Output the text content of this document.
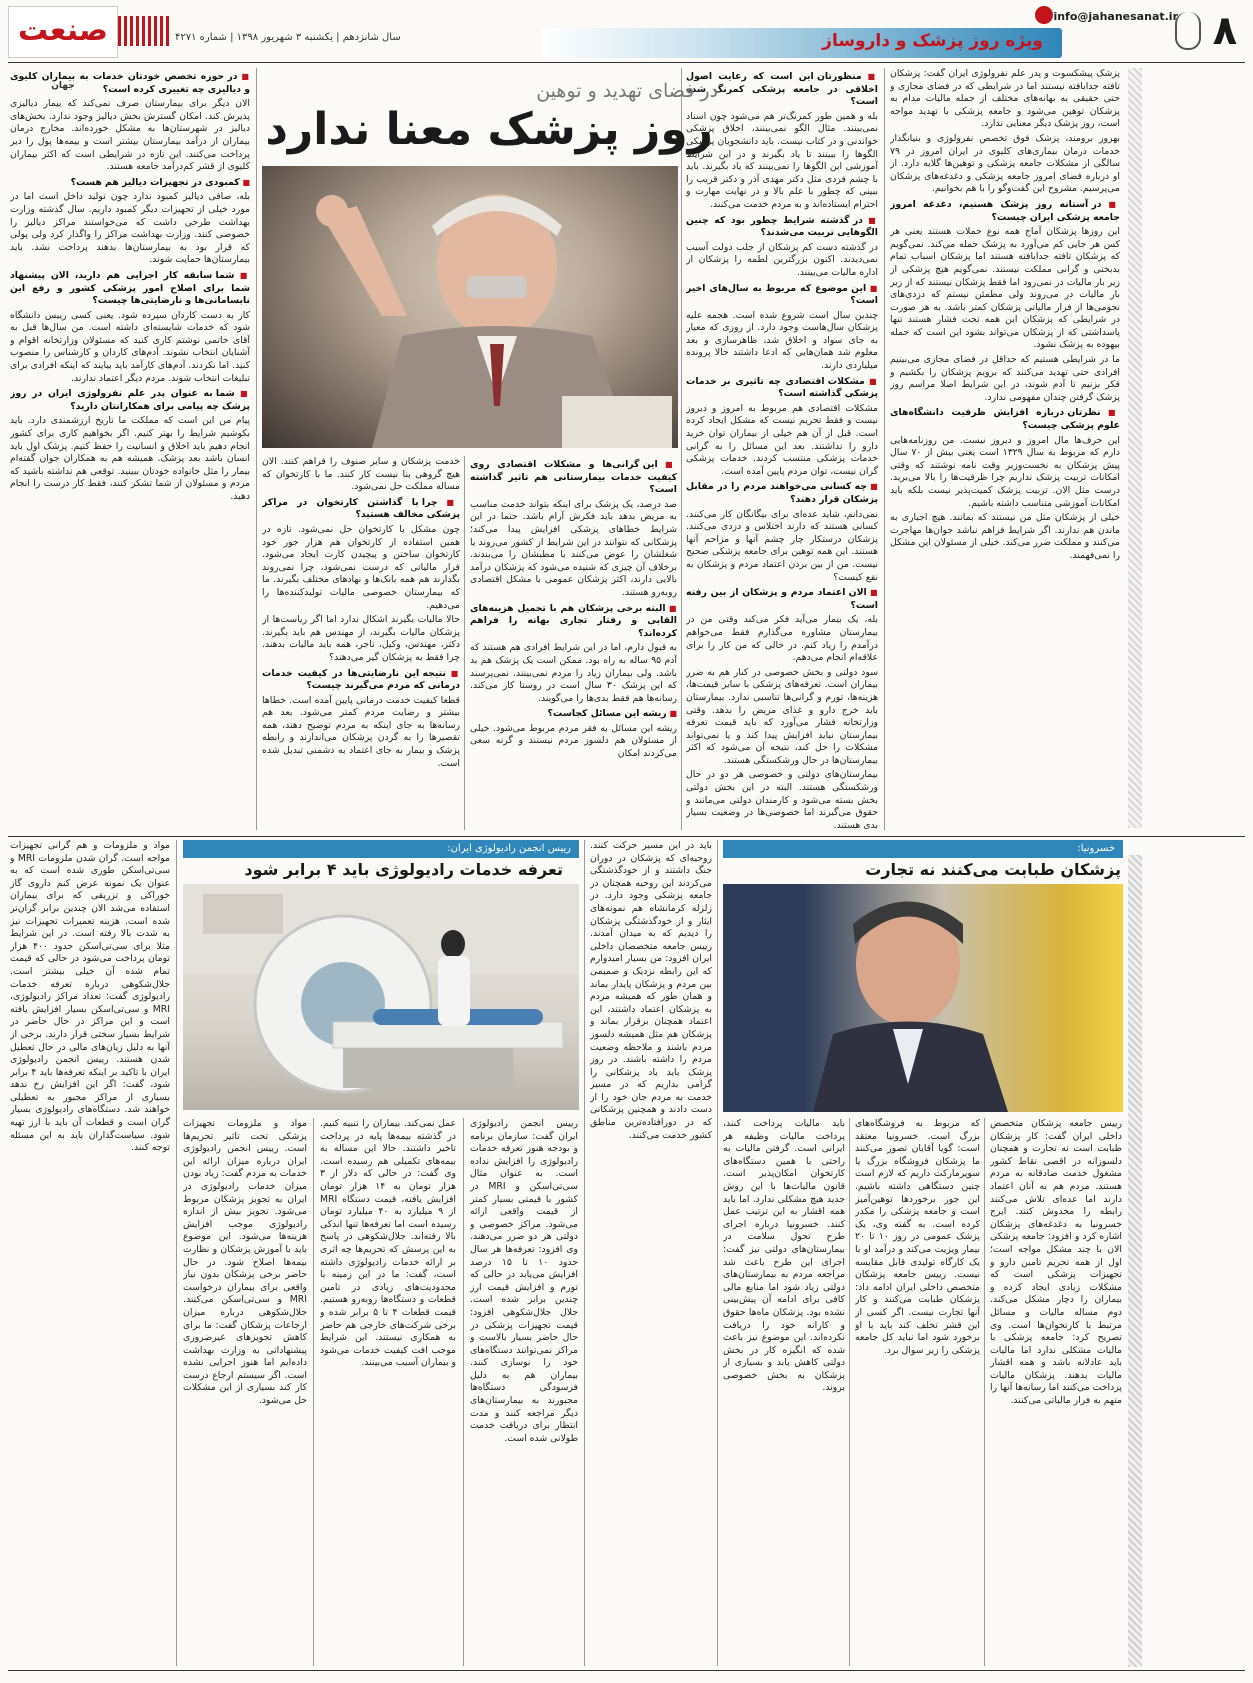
۸
info@jahanesanat.ir
ویژه روز پزشک و داروساز
صنعت جهان
سال شانزدهم | یکشنبه ۳ شهریور ۱۳۹۸ | شماره ۴۲۷۱

پزشک پیشکسوت و پدر علم نفرولوژی ایران گفت: پزشکان تافته جدابافته نیستند اما در شرایطی که در فضای مجازی و حتی حقیقی به بهانه‌های مختلف از جمله مالیات مدام به پزشکان توهین می‌شود و جامعه پزشکی با تهدید مواجه است، روز پزشک دیگر معنایی ندارد.

بهروز برومند، پزشک فوق تخصص نفرولوژی و بنیانگذار خدمات درمان بیماری‌های کلیوی در ایران امروز در ۷۹ سالگی از مشکلات جامعه پزشکی و توهین‌ها گلایه دارد. از او درباره فضای امروز جامعه پزشکی و دغدغه‌های پزشکان می‌پرسیم. مشروح این گفت‌وگو را با هم بخوانیم.

■ در آستانه روز پزشک هستیم، دغدغه امروز جامعه پزشکی ایران چیست؟

این روزها پزشکان آماج همه نوع حملات هستند یعنی هر کس هر جایی کم می‌آورد به پزشک حمله می‌کند. نمی‌گویم که پزشکان تافته جدابافته هستند اما پزشکان اسباب تمام بدبختی و گرانی مملکت نیستند. نمی‌گویم هیچ پزشکی از زیر بار مالیات در نمی‌رود اما فقط پزشکان نیستند که از زیر بار مالیات در می‌روند ولی مطمئن نیستم که دزدی‌های نجومی‌ها از فرار مالیاتی پزشکان کمتر باشد. به هر صورت در شرایطی که پزشکان این همه تحت فشار هستند تنها پاسداشتی که از پزشکان می‌تواند بشود این است که حمله بیهوده به پزشک نشود.

ما در شرایطی هستیم که حداقل در فضای مجازی می‌بینیم افرادی حتی تهدید می‌کنند که برویم پزشکان را بکشیم و فکر بزنیم تا آدم شوند، در این شرایط اصلا مراسم روز پزشک گرفتن چندان مفهومی ندارد.

■ نظرتان درباره افزایش ظرفیت دانشگاه‌های علوم پزشکی چیست؟

این حرف‌ها مال امروز و دیروز نیست. من روزنامه‌هایی دارم که مربوط به سال ۱۳۲۹ است یعنی بیش از ۷۰ سال پیش پزشکان به نخست‌وزیر وقت نامه نوشتند که وقتی امکانات تربیت پزشک نداریم چرا ظرفیت‌ها را بالا می‌برید. درست مثل الان. تربیت پزشک کمیت‌پذیر نیست بلکه باید امکانات آموزشی متناسب داشته باشیم.

خیلی از پزشکان مثل من نیستند که بمانند. هیچ اجباری به ماندن هم ندارند. اگر شرایط فراهم نباشد جوان‌ها مهاجرت می‌کنند و مملکت ضرر می‌کند. خیلی از مسئولان این مشکل را نمی‌فهمند.

■ منظورتان این است که رعایت اصول اخلاقی در جامعه پزشکی کمرنگ شده است؟

بله و همین طور کمرنگ‌تر هم می‌شود چون اسناد نمی‌بینند. مثال الگو نمی‌بینند، اخلاق پزشکی خواندنی و در کتاب نیست. باید دانشجویان پزشکی الگوها را ببینند تا یاد بگیرند و در این شرایط آموزشی این الگوها را نمی‌بینند که یاد بگیرند. باید با چشم فردی مثل دکتر مهدی آذر و دکتر قریب را ببینی که چطور با علم بالا و در نهایت مهارت و احترام ایستاده‌اند و به مردم خدمت می‌کنند.

■ در گذشته شرایط چطور بود که چنین الگوهایی تربیت می‌شدند؟

در گذشته دست کم پزشکان از جلب دولت آسیب نمی‌دیدند. اکنون بزرگترین لطمه را پزشکان از اداره مالیات می‌بینند.

■ این موضوع که مربوط به سال‌های اخیر است؟

چندین سال است شروع شده است. هجمه علیه پزشکان سال‌هاست وجود دارد. از روزی که معیار به جای سواد و اخلاق شد، ظاهرسازی و بعد معلوم شد همان‌هایی که ادعا داشتند حالا پرونده میلیاردی دارند.

■ مشکلات اقتصادی چه تاثیری بر خدمات پزشکی گذاشته است؟

مشکلات اقتصادی هم مربوط به امروز و دیروز نیست و فقط تحریم نیست که مشکل ایجاد کرده است. قبل از آن هم خیلی از بیماران توان خرید دارو را نداشتند. بعد این مسائل را به گرانی خدمات پزشکی منتسب کردند. خدمات پزشکی گران نیست، توان مردم پایین آمده است.

■ چه کسانی می‌خواهند مردم را در مقابل پزشکان قرار دهند؟

نمی‌دانم، شاید عده‌ای برای بیگانگان کار می‌کنند. کسانی هستند که دارند اختلاس و دزدی می‌کنند. پزشکان درستکار چار چشم آنها و مزاحم آنها هستند. این همه توهین برای جامعه پزشکی صحیح نیست. من از بین بردن اعتماد مردم و پزشکان به نفع کیست؟

■ الان اعتماد مردم و پزشکان از بین رفته است؟

بله، یک بیمار می‌آید فکر می‌کند وقتی من در بیمارستان مشاوره می‌گذارم فقط می‌خواهم درآمدم را زیاد کنم. در حالی که من کار را برای علاقه‌ام انجام می‌دهم.

سود دولتی و بخش خصوصی در کنار هم به ضرر بیماران است. تعرفه‌های پزشکی با سایر قیمت‌ها، هزینه‌ها، تورم و گرانی‌ها تناسبی ندارد. بیمارستان باید خرج دارو و غذای مریض را بدهد. وقتی وزارتخانه فشار می‌آورد که باید قیمت تعرفه بیمارستان نباید افزایش پیدا کند و یا نمی‌تواند مشکلات را حل کند، نتیجه آن می‌شود که اکثر بیمارستان‌ها در حال ورشکستگی هستند.

بیمارستان‌های دولتی و خصوصی هر دو در حال ورشکستگی هستند. البته در این بخش دولتی بخش بسته می‌شود و کارمندان دولتی می‌مانند و حقوق می‌گیرند اما خصوصی‌ها در وضعیت بسیار بدی هستند.

در فضای تهدید و توهین
روز پزشک معنا ندارد

■ این گرانی‌ها و مشکلات اقتصادی روی کیفیت خدمات بیمارستانی هم تاثیر گذاشته است؟

صد درصد، یک پزشک برای اینکه بتواند خدمت مناسب به مریض بدهد باید فکرش آرام باشد. حتما در این شرایط خطاهای پزشکی افزایش پیدا می‌کند؛ پزشکانی که نتوانند در این شرایط از کشور می‌روند یا شغلشان را عوض می‌کنند یا مطبشان را می‌بندند. برخلاف آن چیزی که شنیده می‌شود که پزشکان درآمد بالایی دارند، اکثر پزشکان عمومی با مشکل اقتصادی روبه‌رو هستند.

■ البته برخی پزشکان هم با تحمیل هزینه‌های القابی و رفتار تجاری بهانه را فراهم کرده‌اند؟

به قبول دارم، اما در این شرایط افرادی هم هستند که آدم ۹۵ ساله به راه بود. ممکن است یک پزشک هم بد باشد. ولی بیماران زیاد را مردم نمی‌بینند. نمی‌پرسند که این پزشک ۳۰ سال است در روستا کار می‌کند. رسانه‌ها هم فقط بدی‌ها را می‌گویند.

■ ریشه این مسائل کجاست؟

ریشه این مسائل به فقر مردم مربوط می‌شود. خیلی از مسئولان هم دلسوز مردم نیستند و گرنه سعی می‌کردند امکان

خدمت پزشکان و سایر صنوف را فراهم کنند. الان هیچ گروهی بنا نیست کار کنند. ما با کارتخوان که مساله مملکت حل نمی‌شود.

■ چرا با گذاشتن کارتخوان در مراکز پزشکی مخالف هستید؟

چون مشکل با کارتخوان حل نمی‌شود. تازه در همین استفاده از کارتخوان هم هزار جور خود کارتخوان ساختن و پیچیدن کارت ایجاد می‌شود. فرار مالیاتی که درست نمی‌شود، چرا نمی‌روند بگذارند هم همه بانک‌ها و نهادهای مختلف بگیرند. ما که بیمارستان خصوصی مالیات تولیدکننده‌ها را می‌دهیم.

حالا مالیات بگیرند اشکال ندارد اما اگر ریاست‌ها از پزشکان مالیات بگیرند، از مهندس هم باید بگیرند. دکتر، مهندس، وکیل، تاجر، همه باید مالیات بدهند. چرا فقط به پزشکان گیر می‌دهند؟

■ نتیجه این نارضایتی‌ها در کیفیت خدمات درمانی که مردم می‌گیرند چیست؟

قطعا کیفیت خدمت درمانی پایین آمده است. خطاها بیشتر و رضایت مردم کمتر می‌شود. بعد هم رسانه‌ها به جای اینکه به مردم توضیح دهند، همه تقصیرها را به گردن پزشکان می‌اندازند و رابطه پزشک و بیمار به جای اعتماد به دشمنی تبدیل شده است.

■ در حوزه تخصص خودتان خدمات به بیماران کلیوی و دیالیزی چه تغییری کرده است؟

الان دیگر برای بیمارستان صرف نمی‌کند که بیمار دیالیزی پذیرش کند. امکان گسترش بخش دیالیز وجود ندارد. بخش‌های دیالیز در شهرستان‌ها به مشکل خورده‌اند. مخارج درمان بیماران از درآمد بیمارستان بیشتر است و بیمه‌ها پول را دیر پرداخت می‌کنند. این تازه در شرایطی است که اکثر بیماران کلیوی از قشر کم‌درآمد جامعه هستند.

■ کمبودی در تجهیزات دیالیز هم هست؟

بله، صافی دیالیز کمبود ندارد چون تولید داخل است اما در مورد خیلی از تجهیزات دیگر کمبود داریم. سال گذشته وزارت بهداشت طرحی داشت که می‌خواستند مراکز دیالیز را خصوصی کنند. وزارت بهداشت مراکز را واگذار کرد ولی پولی که قرار بود به بیمارستان‌ها بدهند پرداخت نشد. باید بیمارستان‌ها حمایت شوند.

■ شما سابقه کار اجرایی هم دارید، الان پیشنهاد شما برای اصلاح امور پزشکی کشور و رفع این نابسامانی‌ها و نارضایتی‌ها چیست؟

کار به دست کاردان سپرده شود. یعنی کسی رییس دانشگاه شود که خدمات شایسته‌ای داشته است. من سال‌ها قبل به آقای خاتمی نوشتم کاری کنید که مسئولان وزارتخانه اقوام و آشنایان انتخاب نشوند. آدم‌های کاردان و کارشناس را منصوب کنید. اما نکردند. آدم‌های کارآمد باید بیایند که اینکه افرادی برای تبلیغات انتخاب شوند. مردم دیگر اعتماد ندارند.

■ شما به عنوان پدر علم نفرولوژی ایران در روز پزشک چه پیامی برای همکارانتان دارید؟

پیام من این است که مملکت ما تاریخ ارزشمندی دارد. باید بکوشیم شرایط را بهتر کنیم. اگر بخواهیم کاری برای کشور انجام دهیم باید اخلاق و انسانیت را حفظ کنیم. پزشک اول باید انسان باشد بعد پزشک. همیشه هم به همکاران جوان گفته‌ام بیمار را مثل خانواده خودتان ببینید. توقعی هم نداشته باشید که مردم و مسئولان از شما تشکر کنند، فقط کار درست را انجام دهید.

خسرونیا:
پزشکان طبابت می‌کنند نه تجارت
رییس جامعه پزشکان متخصص داخلی ایران گفت: کار پزشکان طبابت است نه تجارت و همچنان دلسوزانه در اقصی نقاط کشور مشغول خدمت صادقانه به مردم هستند. مردم هم به آنان اعتماد دارند اما عده‌ای تلاش می‌کنند رابطه را مخدوش کنند. ایرج خسرونیا به دغدغه‌های پزشکان اشاره کرد و افزود: جامعه پزشکی الان با چند مشکل مواجه است؛ اول از همه تحریم تامین دارو و تجهیزات پزشکی است که مشکلات زیادی ایجاد کرده و بیماران را دچار مشکل می‌کند. دوم مساله مالیات و مسائل مرتبط با کارتخوان‌ها است. وی تصریح کرد: جامعه پزشکی با مالیات مشکلی ندارد اما مالیات باید عادلانه باشد و همه اقشار مالیات بدهند. پزشکان مالیات پرداخت می‌کنند اما رسانه‌ها آنها را متهم به فرار مالیاتی می‌کنند.
که مربوط به فروشگاه‌های بزرگ است. خسرونیا معتقد است: گویا آقایان تصور می‌کنند ما پزشکان فروشگاه بزرگ یا سوپرمارکت داریم که لازم است چنین دستگاهی داشته باشیم. این جور برخوردها توهین‌آمیز است و جامعه پزشکی را مکدر کرده است. به گفته وی، یک پزشک عمومی در روز ۱۰ تا ۲۰ بیمار ویزیت می‌کند و درآمد او با یک کارگاه تولیدی قابل مقایسه نیست. رییس جامعه پزشکان متخصص داخلی ایران ادامه داد: پزشکان طبابت می‌کنند و کار آنها تجارت نیست. اگر کسی از این قشر تخلف کند باید با او برخورد شود اما نباید کل جامعه پزشکی را زیر سوال برد.
باید مالیات پرداخت کنند، پرداخت مالیات وظیفه هر ایرانی است. گرفتن مالیات به راحتی با همین دستگاه‌های کارتخوان امکان‌پذیر است. قانون مالیات‌ها با این روش جدید هیچ مشکلی ندارد. اما باید همه اقشار به این ترتیب عمل کنند. خسرونیا درباره اجرای طرح تحول سلامت در بیمارستان‌های دولتی نیز گفت: اجرای این طرح باعث شد مراجعه مردم به بیمارستان‌های دولتی زیاد شود اما منابع مالی کافی برای ادامه آن پیش‌بینی نشده بود. پزشکان ماه‌ها حقوق و کارانه خود را دریافت نکرده‌اند. این موضوع نیز باعث شده که انگیزه کار در بخش دولتی کاهش یابد و بسیاری از پزشکان به بخش خصوصی بروند.
باید در این مسیر حرکت کنند. روحیه‌ای که پزشکان در دوران جنگ داشتند و از خودگذشتگی می‌کردند این روحیه همچنان در جامعه پزشکی وجود دارد. در زلزله کرمانشاه هم نمونه‌های ایثار و از خودگذشتگی پزشکان را دیدیم که به میدان آمدند. رییس جامعه متخصصان داخلی ایران افزود: من بسیار امیدوارم که این رابطه نزدیک و صمیمی بین مردم و پزشکان پایدار بماند و همان طور که همیشه مردم به پزشکان اعتماد داشتند، این اعتماد همچنان برقرار بماند و پزشکان هم مثل همیشه دلسوز مردم باشند و ملاحظه وضعیت مردم را داشته باشند. در روز پزشک باید یاد پزشکانی را گرامی بداریم که در مسیر خدمت به مردم جان خود را از دست دادند و همچنین پزشکانی که در دورافتاده‌ترین مناطق کشور خدمت می‌کنند.
رییس انجمن رادیولوژی ایران:
تعرفه خدمات رادیولوژی باید ۴ برابر شود
رییس انجمن رادیولوژی ایران گفت: سازمان برنامه و بودجه هنوز تعرفه خدمات رادیولوژی را افزایش نداده است. به عنوان مثال سی‌تی‌اسکن و MRI در کشور با قیمتی بسیار کمتر از قیمت واقعی ارائه می‌شود. مراکز خصوصی و دولتی هر دو ضرر می‌دهند. وی افزود: تعرفه‌ها هر سال حدود ۱۰ تا ۱۵ درصد افزایش می‌یابد در حالی که تورم و افزایش قیمت ارز چندین برابر شده است. جلال جلال‌شکوهی افزود: قیمت تجهیزات پزشکی در حال حاضر بسیار بالاست و مراکز نمی‌توانند دستگاه‌های خود را نوسازی کنند. بیماران هم به دلیل فرسودگی دستگاه‌ها مجبورند به بیمارستان‌های دیگر مراجعه کنند و مدت انتظار برای دریافت خدمت طولانی شده است.
عمل نمی‌کند. بیماران را تنبیه کنیم. در گذشته بیمه‌ها پایه در پرداخت تاخیر داشتند. حالا این مساله به بیمه‌های تکمیلی هم رسیده است. وی گفت: در حالی که دلار از ۳ هزار تومان به ۱۴ هزار تومان افزایش یافته، قیمت دستگاه MRI از ۹ میلیارد به ۴۰ میلیارد تومان رسیده است اما تعرفه‌ها تنها اندکی بالا رفته‌اند. جلال‌شکوهی در پاسخ به این پرسش که تحریم‌ها چه اثری بر ارائه خدمات رادیولوژی داشته است، گفت: ما در این زمینه با محدودیت‌های زیادی در تامین قطعات و دستگاه‌ها روبه‌رو هستیم. قیمت قطعات ۴ تا ۵ برابر شده و برخی شرکت‌های خارجی هم حاضر به همکاری نیستند. این شرایط موجب افت کیفیت خدمات می‌شود و بیماران آسیب می‌بینند.
مواد و ملزومات تجهیزات پزشکی تحت تاثیر تحریم‌ها است. رییس انجمن رادیولوژی ایران درباره میزان ارائه این خدمات به مردم گفت: زیاد بودن میزان خدمات رادیولوژی در ایران به تجویز پزشکان مربوط می‌شود. تجویز بیش از اندازه رادیولوژی موجب افزایش هزینه‌ها می‌شود. این موضوع باید با آموزش پزشکان و نظارت بیمه‌ها اصلاح شود. در حال حاضر برخی پزشکان بدون نیاز واقعی برای بیماران درخواست MRI و سی‌تی‌اسکن می‌کنند. جلال‌شکوهی درباره میزان ارجاعات پزشکان گفت: ما برای کاهش تجویزهای غیرضروری پیشنهاداتی به وزارت بهداشت داده‌ایم اما هنوز اجرایی نشده است. اگر سیستم ارجاع درست کار کند بسیاری از این مشکلات حل می‌شود.
مواد و ملزومات و هم گرانی تجهیزات مواجه است. گران شدن ملزومات MRI و سی‌تی‌اسکن طوری شده است که به عنوان یک نمونه عرض کنم داروی گاز خوراکی و تزریقی که برای بیماران استفاده می‌شد الان چندین برابر گران‌تر شده است. هزینه تعمیرات تجهیزات نیز به شدت بالا رفته است. در این شرایط مثلا برای سی‌تی‌اسکن حدود ۴۰۰ هزار تومان پرداخت می‌شود در حالی که قیمت تمام شده آن خیلی بیشتر است. جلال‌شکوهی درباره تعرفه خدمات رادیولوژی گفت: تعداد مراکز رادیولوژی، MRI و سی‌تی‌اسکن بسیار افزایش یافته است و این مراکز در حال حاضر در شرایط بسیار سختی قرار دارند. برخی از آنها به دلیل زیان‌های مالی در حال تعطیل شدن هستند. رییس انجمن رادیولوژی ایران با تاکید بر اینکه تعرفه‌ها باید ۴ برابر شود، گفت: اگر این افزایش رخ ندهد بسیاری از مراکز مجبور به تعطیلی خواهند شد. دستگاه‌های رادیولوژی بسیار گران است و قطعات آن باید با ارز تهیه شود. سیاست‌گذاران باید به این مسئله توجه کنند.
